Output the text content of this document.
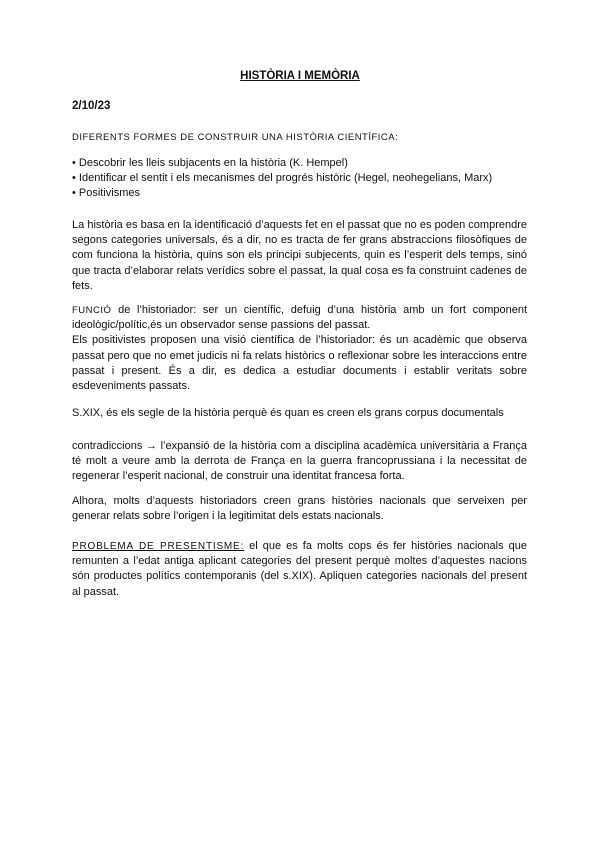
HISTÒRIA I MEMÒRIA
2/10/23
DIFERENTS FORMES DE CONSTRUIR UNA HISTÒRIA CIENTÍFICA:
• Descobrir les lleis subjacents en la història (K. Hempel)
• Identificar el sentit i els mecanismes del progrés històric (Hegel, neohegelians, Marx)
• Positivismes

La història es basa en la identificació d’aquests fet en el passat que no es poden comprendre segons categories universals, és a dir, no es tracta de fer grans abstraccions filosòfiques de com funciona la història, quins son els principi subjecents, quin es l’esperit dels temps, sinó que tracta d’elaborar relats verídics sobre el passat, la qual cosa es fa construint cadenes de fets.

FUNCIÓ de l’historiador: ser un científic, defuig d’una història amb un fort component ideològic/polític,és un observador sense passions del passat.

Els positivistes proposen una visió científica de l’historiador: és un acadèmic que observa passat pero que no emet judicis ni fa relats històrics o reflexionar sobre les interaccions entre passat i present. És a dir, es dedica a estudiar documents i establir veritats sobre esdeveniments passats.

S.XIX, és els segle de la història perquè és quan es creen els grans corpus documentals

contradiccions → l’expansió de la història com a disciplina acadèmica universitària a França té molt a veure amb la derrota de França en la guerra francoprussiana i la necessitat de regenerar l’esperit nacional, de construir una identitat francesa forta.

Alhora, molts d’aquests historiadors creen grans històries nacionals que serveixen per generar relats sobre l’origen i la legitimitat dels estats nacionals.

PROBLEMA DE PRESENTISME: el que es fa molts cops és fer històries nacionals que remunten a l’edat antiga aplicant categories del present perquè moltes d’aquestes nacions són productes polítics contemporanis (del s.XIX). Apliquen categories nacionals del present al passat.
